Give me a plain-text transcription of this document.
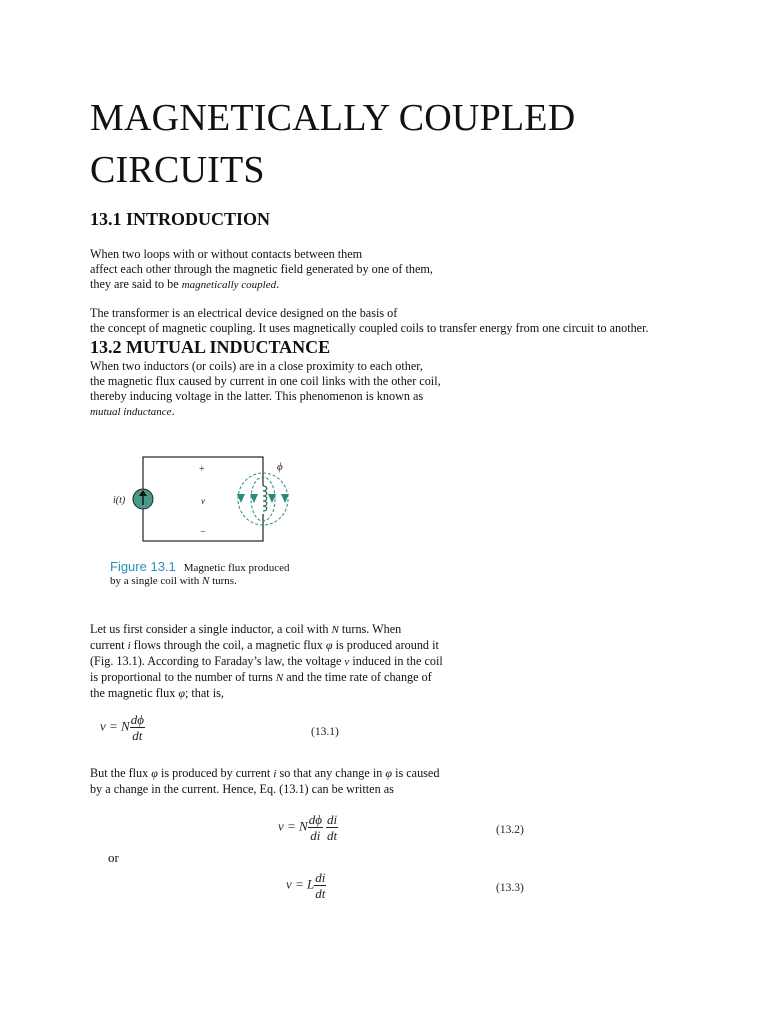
MAGNETICALLY COUPLED
CIRCUITS
13.1 INTRODUCTION
When two loops with or without contacts between them
affect each other through the magnetic field generated by one of them,
they are said to be magnetically coupled.
The transformer is an electrical device designed on the basis of
the concept of magnetic coupling. It uses magnetically coupled coils to transfer energy from one circuit to another.
13.2 MUTUAL INDUCTANCE
When two inductors (or coils) are in a close proximity to each other,
the magnetic flux caused by current in one coil links with the other coil,
thereby inducing voltage in the latter. This phenomenon is known as
mutual inductance.
i(t)
+
v
−
ϕ
Figure 13.1 Magnetic flux produced
by a single coil with N turns.
Let us first consider a single inductor, a coil with N turns. When
current i flows through the coil, a magnetic flux φ is produced around it
(Fig. 13.1). According to Faraday’s law, the voltage v induced in the coil
is proportional to the number of turns N and the time rate of change of
the magnetic flux φ; that is,
v = N $\frac{d\phi}{dt}$	(13.1)
But the flux φ is produced by current i so that any change in φ is caused
by a change in the current. Hence, Eq. (13.1) can be written as
v = N $\frac{d\phi}{di} \frac{di}{dt}$	(13.2)
or
v = L $\frac{di}{dt}$	(13.3)
